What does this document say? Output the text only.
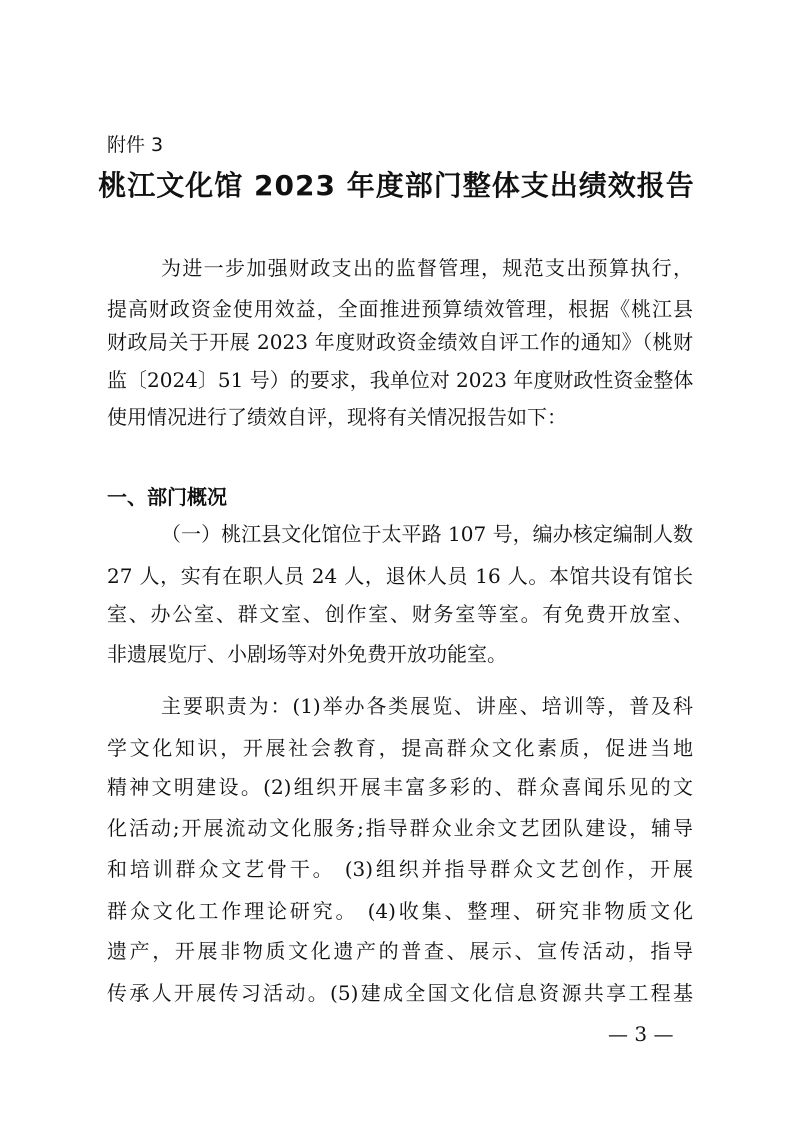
附件 3
桃江文化馆 2023 年度部门整体支出绩效报告
为进一步加强财政支出的监督管理，规范支出预算执行，
提高财政资金使用效益，全面推进预算绩效管理，根据《桃江县
财政局关于开展 2023 年度财政资金绩效自评工作的通知》（桃财
监〔2024〕51 号）的要求，我单位对 2023 年度财政性资金整体
使用情况进行了绩效自评，现将有关情况报告如下：
一、部门概况
（一）桃江县文化馆位于太平路 107 号，编办核定编制人数
27 人，实有在职人员 24 人，退休人员 16 人。本馆共设有馆长
室、办公室、群文室、创作室、财务室等室。有免费开放室、
非遗展览厅、小剧场等对外免费开放功能室。
主要职责为：(1)举办各类展览、讲座、培训等，普及科
学文化知识，开展社会教育，提高群众文化素质，促进当地
精神文明建设。(2)组织开展丰富多彩的、群众喜闻乐见的文
化活动;开展流动文化服务;指导群众业余文艺团队建设，辅导
和培训群众文艺骨干。 (3)组织并指导群众文艺创作，开展
群众文化工作理论研究。 (4)收集、整理、研究非物质文化
遗产，开展非物质文化遗产的普查、展示、宣传活动，指导
传承人开展传习活动。(5)建成全国文化信息资源共享工程基
— 3 —
